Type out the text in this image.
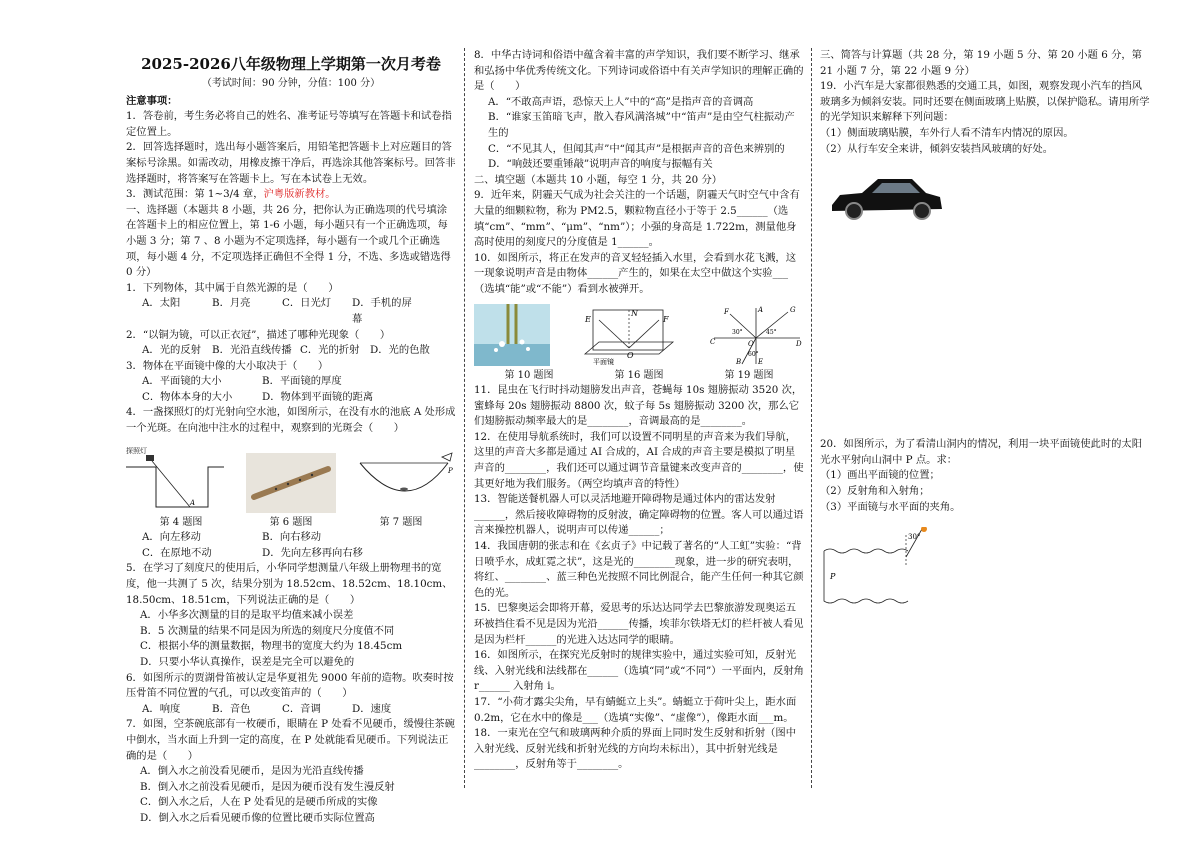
2025-2026八年级物理上学期第一次月考卷
（考试时间：90 分钟，分值：100 分）

注意事项：

1．答卷前，考生务必将自己的姓名、准考证号等填写在答题卡和试卷指定位置上。

2．回答选择题时，选出每小题答案后，用铅笔把答题卡上对应题目的答案标号涂黑。如需改动，用橡皮擦干净后，再选涂其他答案标号。回答非选择题时，将答案写在答题卡上。写在本试卷上无效。

3．测试范围：第 1~3/4 章，沪粤版新教材。

一、选择题（本题共 8 小题，共 26 分，把你认为正确选项的代号填涂在答题卡上的相应位置上，第 1-6 小题，每小题只有一个正确选项，每小题 3 分；第 7 、8 小题为不定项选择，每小题有一个或几个正确选项，每小题 4 分，不定项选择正确但不全得 1 分，不选、多选或错选得 0 分）

1．下列物体，其中属于自然光源的是（　　）

A．太阳	B．月亮	C．日光灯	D．手机的屏幕

2．“以铜为镜，可以正衣冠”，描述了哪种光现象（　　）

A．光的反射	B．光沿直线传播 C．光的折射	D．光的色散

3．物体在平面镜中像的大小取决于（　　）

A．平面镜的大小	B．平面镜的厚度
C．物体本身的大小	D．物体到平面镜的距离

4．一盏探照灯的灯光射向空水池，如图所示，在没有水的池底 A 处形成一个光斑。在向池中注水的过程中，观察到的光斑会（　　）

探照灯
A
P
第 4 题图	第 6 题图	第 7 题图
A．向左移动	B．向右移动
C．在原地不动	D．先向左移再向右移

5．在学习了刻度尺的使用后，小华同学想测量八年级上册物理书的宽度，他一共测了 5 次，结果分别为 18.52cm、18.52cm、18.10cm、18.50cm、18.51cm，下列说法正确的是（　　）

A．小华多次测量的目的是取平均值来减小误差

B．5 次测量的结果不同是因为所选的刻度尺分度值不同

C．根据小华的测量数据，物理书的宽度大约为 18.45cm

D．只要小华认真操作，误差是完全可以避免的

6．如图所示的贾湖骨笛被认定是华夏祖先 9000 年前的造物。吹奏时按压骨笛不同位置的气孔，可以改变笛声的（　　）

A．响度	B．音色	C．音调	D．速度

7．如图，空茶碗底部有一枚硬币，眼睛在 P 处看不见硬币，缓慢往茶碗中倒水，当水面上升到一定的高度，在 P 处就能看见硬币。下列说法正确的是（　　）

A．倒入水之前没看见硬币，是因为光沿直线传播

B．倒入水之前没看见硬币，是因为硬币没有发生漫反射

C．倒入水之后，人在 P 处看见的是硬币所成的实像

D．倒入水之后看见硬币像的位置比硬币实际位置高

8．中华古诗词和俗语中蕴含着丰富的声学知识，我们要不断学习、继承和弘扬中华优秀传统文化。下列诗词或俗语中有关声学知识的理解正确的是（　　）

A．“不敢高声语，恐惊天上人”中的“高”是指声音的音调高

B．“谁家玉笛暗飞声，散入春风满洛城”中“笛声”是由空气柱振动产生的

C．“不见其人，但闻其声”中“闻其声”是根据声音的音色来辨别的

D．“响鼓还要重锤敲”说明声音的响度与振幅有关

二、填空题（本题共 10 小题，每空 1 分，共 20 分）

9．近年来，阴霾天气成为社会关注的一个话题，阴霾天气时空气中含有大量的细颗粒物，称为 PM2.5，颗粒物直径小于等于 2.5______（选填“cm”、“mm”、“μm”、“nm”）；小强的身高是 1.722m，测量他身高时使用的刻度尺的分度值是 1______。

10．如图所示，将正在发声的音叉轻轻插入水里，会看到水花飞溅，这一现象说明声音是由物体______产生的，如果在太空中做这个实验___（选填“能”或“不能”）看到水被弹开。

E
N
F
O
平面镜
F	A	G
30°	45°
C	O	D
60°
B E
第 10 题图	第 16 题图	第 19 题图

11．昆虫在飞行时抖动翅膀发出声音，苍蝇每 10s 翅膀振动 3520 次，蜜蜂每 20s 翅膀振动 8800 次，蚊子每 5s 翅膀振动 3200 次，那么它们翅膀振动频率最大的是________，音调最高的是________。

12．在使用导航系统时，我们可以设置不同明星的声音来为我们导航，这里的声音大多都是通过 AI 合成的，AI 合成的声音主要是模拟了明星声音的________，我们还可以通过调节音量键来改变声音的________，使其更好地为我们服务。（两空均填声音的特性）

13．智能送餐机器人可以灵活地避开障碍物是通过体内的雷达发射______，然后接收障碍物的反射波，确定障碍物的位置。客人可以通过语言来操控机器人，说明声可以传递______；

14．我国唐朝的张志和在《玄贞子》中记载了著名的“人工虹”实验：“背日喷乎水，成虹霓之状”，这是光的________现象，进一步的研究表明，将红、________、蓝三种色光按照不同比例混合，能产生任何一种其它颜色的光。

15．巴黎奥运会即将开幕，爱思考的乐达达同学去巴黎旅游发现奥运五环被挡住看不见是因为光沿______传播，埃菲尔铁塔无灯的栏杆被人看见是因为栏杆______的光进入达达同学的眼睛。

16．如图所示，在探究光反射时的规律实验中，通过实验可知，反射光线、入射光线和法线都在______（选填“同”或“不同”）一平面内，反射角 r______ 入射角 i。

17．“小荷才露尖尖角，早有蜻蜓立上头”。蜻蜓立于荷叶尖上，距水面 0.2m，它在水中的像是___（选填“实像”、“虚像”），像距水面___m。

18．一束光在空气和玻璃两种介质的界面上同时发生反射和折射（图中入射光线、反射光线和折射光线的方向均未标出），其中折射光线是________，反射角等于________。

三、简答与计算题（共 28 分，第 19 小题 5 分、第 20 小题 6 分，第 21 小题 7 分，第 22 小题 9 分）

19．小汽车是大家都很熟悉的交通工具，如图，观察发现小汽车的挡风玻璃多为倾斜安装。同时还要在侧面玻璃上贴膜，以保护隐私。请用所学的光学知识来解释下列问题：

（1）侧面玻璃贴膜，车外行人看不清车内情况的原因。

（2）从行车安全来讲，倾斜安装挡风玻璃的好处。

20．如图所示，为了看清山洞内的情况，利用一块平面镜使此时的太阳光水平射向山洞中 P 点。求：

（1）画出平面镜的位置；

（2）反射角和入射角；

（3）平面镜与水平面的夹角。

P
30°
